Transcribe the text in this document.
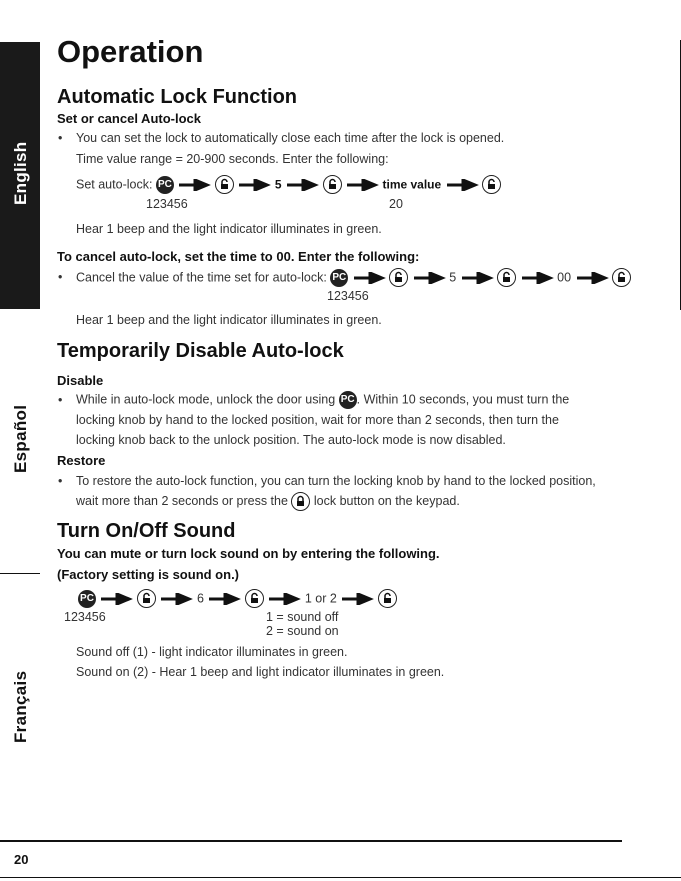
English
Español
Français
Operation
Automatic Lock Function
Set or cancel Auto-lock
• You can set the lock to automatically close each time after the lock is opened.
Time value range = 20-900 seconds. Enter the following:
Set auto-lock: PC	5	time value
123456	20
Hear 1 beep and the light indicator illuminates in green.
To cancel auto-lock, set the time to 00. Enter the following:
• Cancel the value of the time set for auto-lock: PC	5	00
123456
Hear 1 beep and the light indicator illuminates in green.
Temporarily Disable Auto-lock
Disable
• While in auto-lock mode, unlock the door using PC . Within 10 seconds, you must turn the
locking knob by hand to the locked position, wait for more than 2 seconds, then turn the
locking knob back to the unlock position. The auto-lock mode is now disabled.
Restore
• To restore the auto-lock function, you can turn the locking knob by hand to the locked position,
wait more than 2 seconds or press the lock button on the keypad.
Turn On/Off Sound
You can mute or turn lock sound on by entering the following.
(Factory setting is sound on.)
PC	6	1 or 2
123456	1 = sound off
2 = sound on
Sound off (1) - light indicator illuminates in green.
Sound on (2) - Hear 1 beep and light indicator illuminates in green.
20
